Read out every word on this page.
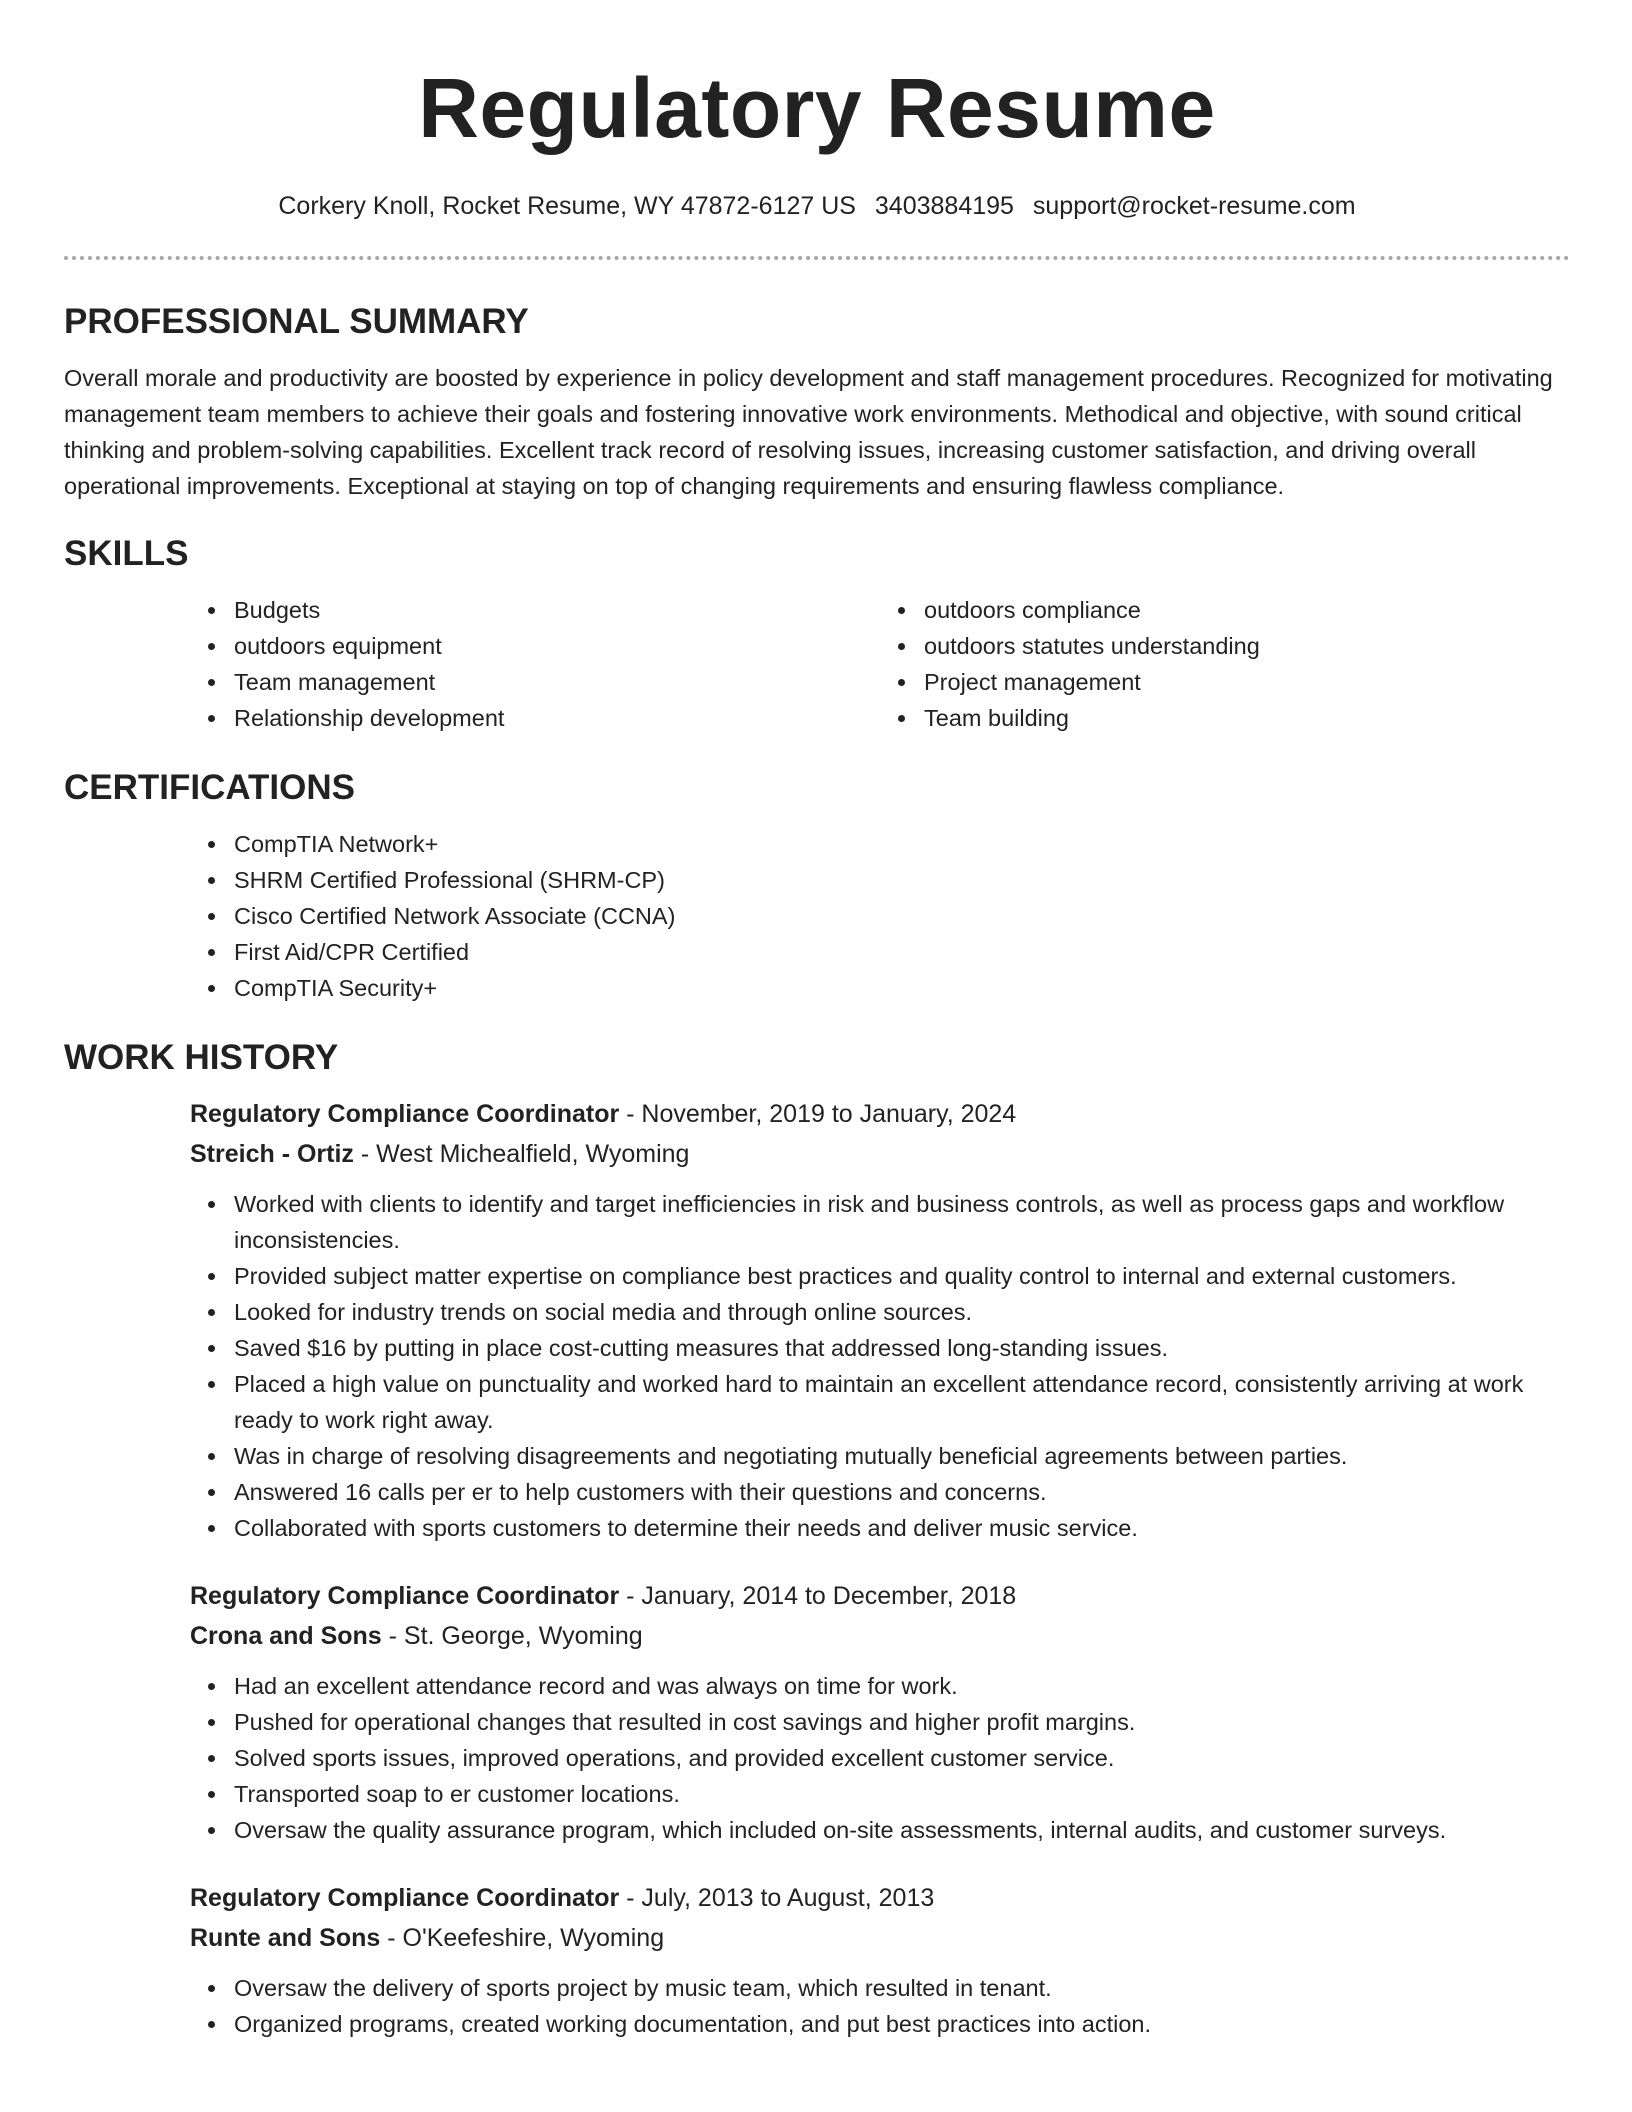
Regulatory Resume
Corkery Knoll, Rocket Resume, WY 47872-6127 US 3403884195 support@rocket-resume.com
PROFESSIONAL SUMMARY

Overall morale and productivity are boosted by experience in policy development and staff management procedures. Recognized for motivating management team members to achieve their goals and fostering innovative work environments. Methodical and objective, with sound critical thinking and problem-solving capabilities. Excellent track record of resolving issues, increasing customer satisfaction, and driving overall operational improvements. Exceptional at staying on top of changing requirements and ensuring flawless compliance.

SKILLS
Budgets
outdoors equipment
Team management
Relationship development
outdoors compliance
outdoors statutes understanding
Project management
Team building
CERTIFICATIONS
CompTIA Network+
SHRM Certified Professional (SHRM-CP)
Cisco Certified Network Associate (CCNA)
First Aid/CPR Certified
CompTIA Security+
WORK HISTORY
Regulatory Compliance Coordinator - November, 2019 to January, 2024
Streich - Ortiz - West Michealfield, Wyoming
Worked with clients to identify and target inefficiencies in risk and business controls, as well as process gaps and workflow inconsistencies.
Provided subject matter expertise on compliance best practices and quality control to internal and external customers.
Looked for industry trends on social media and through online sources.
Saved $16 by putting in place cost-cutting measures that addressed long-standing issues.
Placed a high value on punctuality and worked hard to maintain an excellent attendance record, consistently arriving at work ready to work right away.
Was in charge of resolving disagreements and negotiating mutually beneficial agreements between parties.
Answered 16 calls per er to help customers with their questions and concerns.
Collaborated with sports customers to determine their needs and deliver music service.
Regulatory Compliance Coordinator - January, 2014 to December, 2018
Crona and Sons - St. George, Wyoming
Had an excellent attendance record and was always on time for work.
Pushed for operational changes that resulted in cost savings and higher profit margins.
Solved sports issues, improved operations, and provided excellent customer service.
Transported soap to er customer locations.
Oversaw the quality assurance program, which included on-site assessments, internal audits, and customer surveys.
Regulatory Compliance Coordinator - July, 2013 to August, 2013
Runte and Sons - O'Keefeshire, Wyoming
Oversaw the delivery of sports project by music team, which resulted in tenant.
Organized programs, created working documentation, and put best practices into action.
